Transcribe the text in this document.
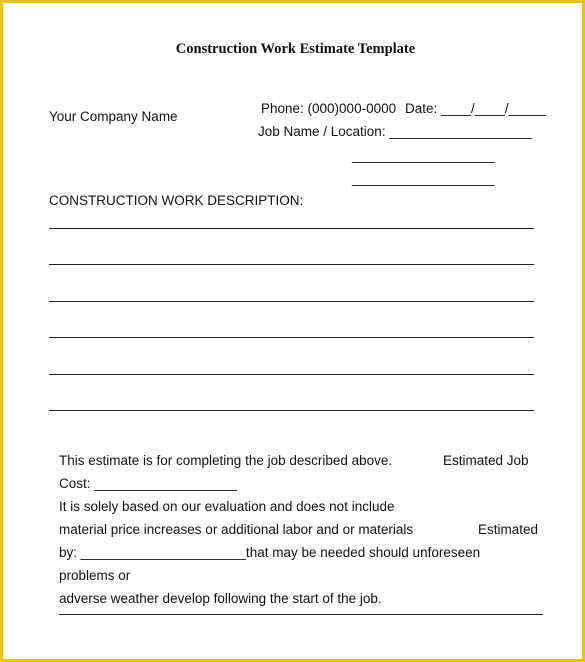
Construction Work Estimate Template
Your Company Name
Phone: (000)000-0000 Date: ____/____/_____
Job Name / Location: ___________________
___________________
___________________
CONSTRUCTION WORK DESCRIPTION:
This estimate is for completing the job described above.	Estimated Job
Cost: ___________________
It is solely based on our evaluation and does not include
material price increases or additional labor and or materials	Estimated
by: ______________________that may be needed should unforeseen
problems or
adverse weather develop following the start of the job.
